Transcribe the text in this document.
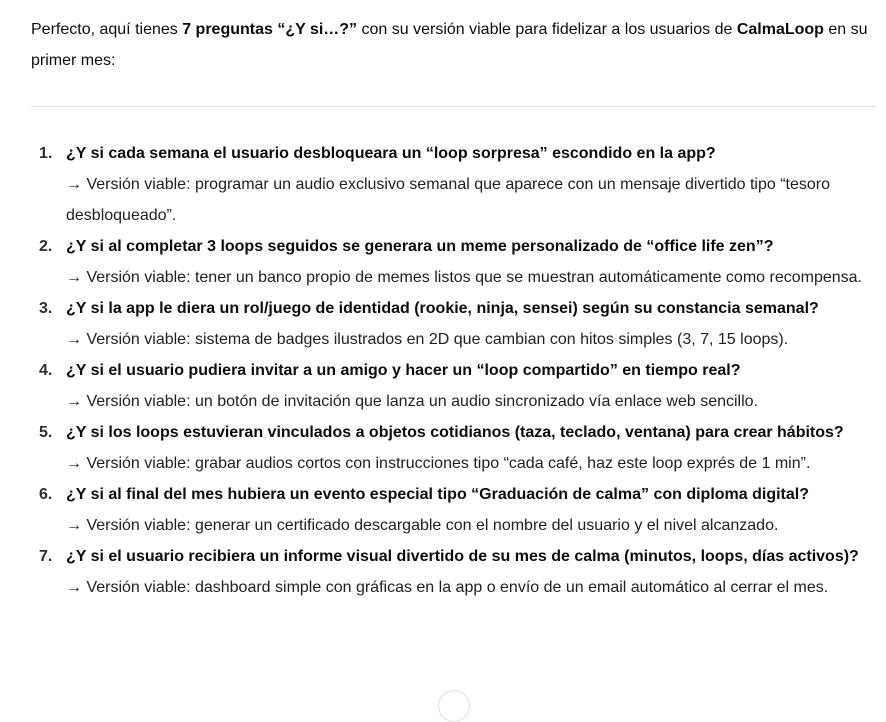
Perfecto, aquí tienes 7 preguntas “¿Y si…?” con su versión viable para fidelizar a los usuarios de CalmaLoop en su primer mes:

1. ¿Y si cada semana el usuario desbloqueara un “loop sorpresa” escondido en la app?
→ Versión viable: programar un audio exclusivo semanal que aparece con un mensaje divertido tipo “tesoro desbloqueado”.
2. ¿Y si al completar 3 loops seguidos se generara un meme personalizado de “office life zen”?
→ Versión viable: tener un banco propio de memes listos que se muestran automáticamente como recompensa.
3. ¿Y si la app le diera un rol/juego de identidad (rookie, ninja, sensei) según su constancia semanal?
→ Versión viable: sistema de badges ilustrados en 2D que cambian con hitos simples (3, 7, 15 loops).
4. ¿Y si el usuario pudiera invitar a un amigo y hacer un “loop compartido” en tiempo real?
→ Versión viable: un botón de invitación que lanza un audio sincronizado vía enlace web sencillo.
5. ¿Y si los loops estuvieran vinculados a objetos cotidianos (taza, teclado, ventana) para crear hábitos?
→ Versión viable: grabar audios cortos con instrucciones tipo “cada café, haz este loop exprés de 1 min”.
6. ¿Y si al final del mes hubiera un evento especial tipo “Graduación de calma” con diploma digital?
→ Versión viable: generar un certificado descargable con el nombre del usuario y el nivel alcanzado.
7. ¿Y si el usuario recibiera un informe visual divertido de su mes de calma (minutos, loops, días activos)?
→ Versión viable: dashboard simple con gráficas en la app o envío de un email automático al cerrar el mes.
